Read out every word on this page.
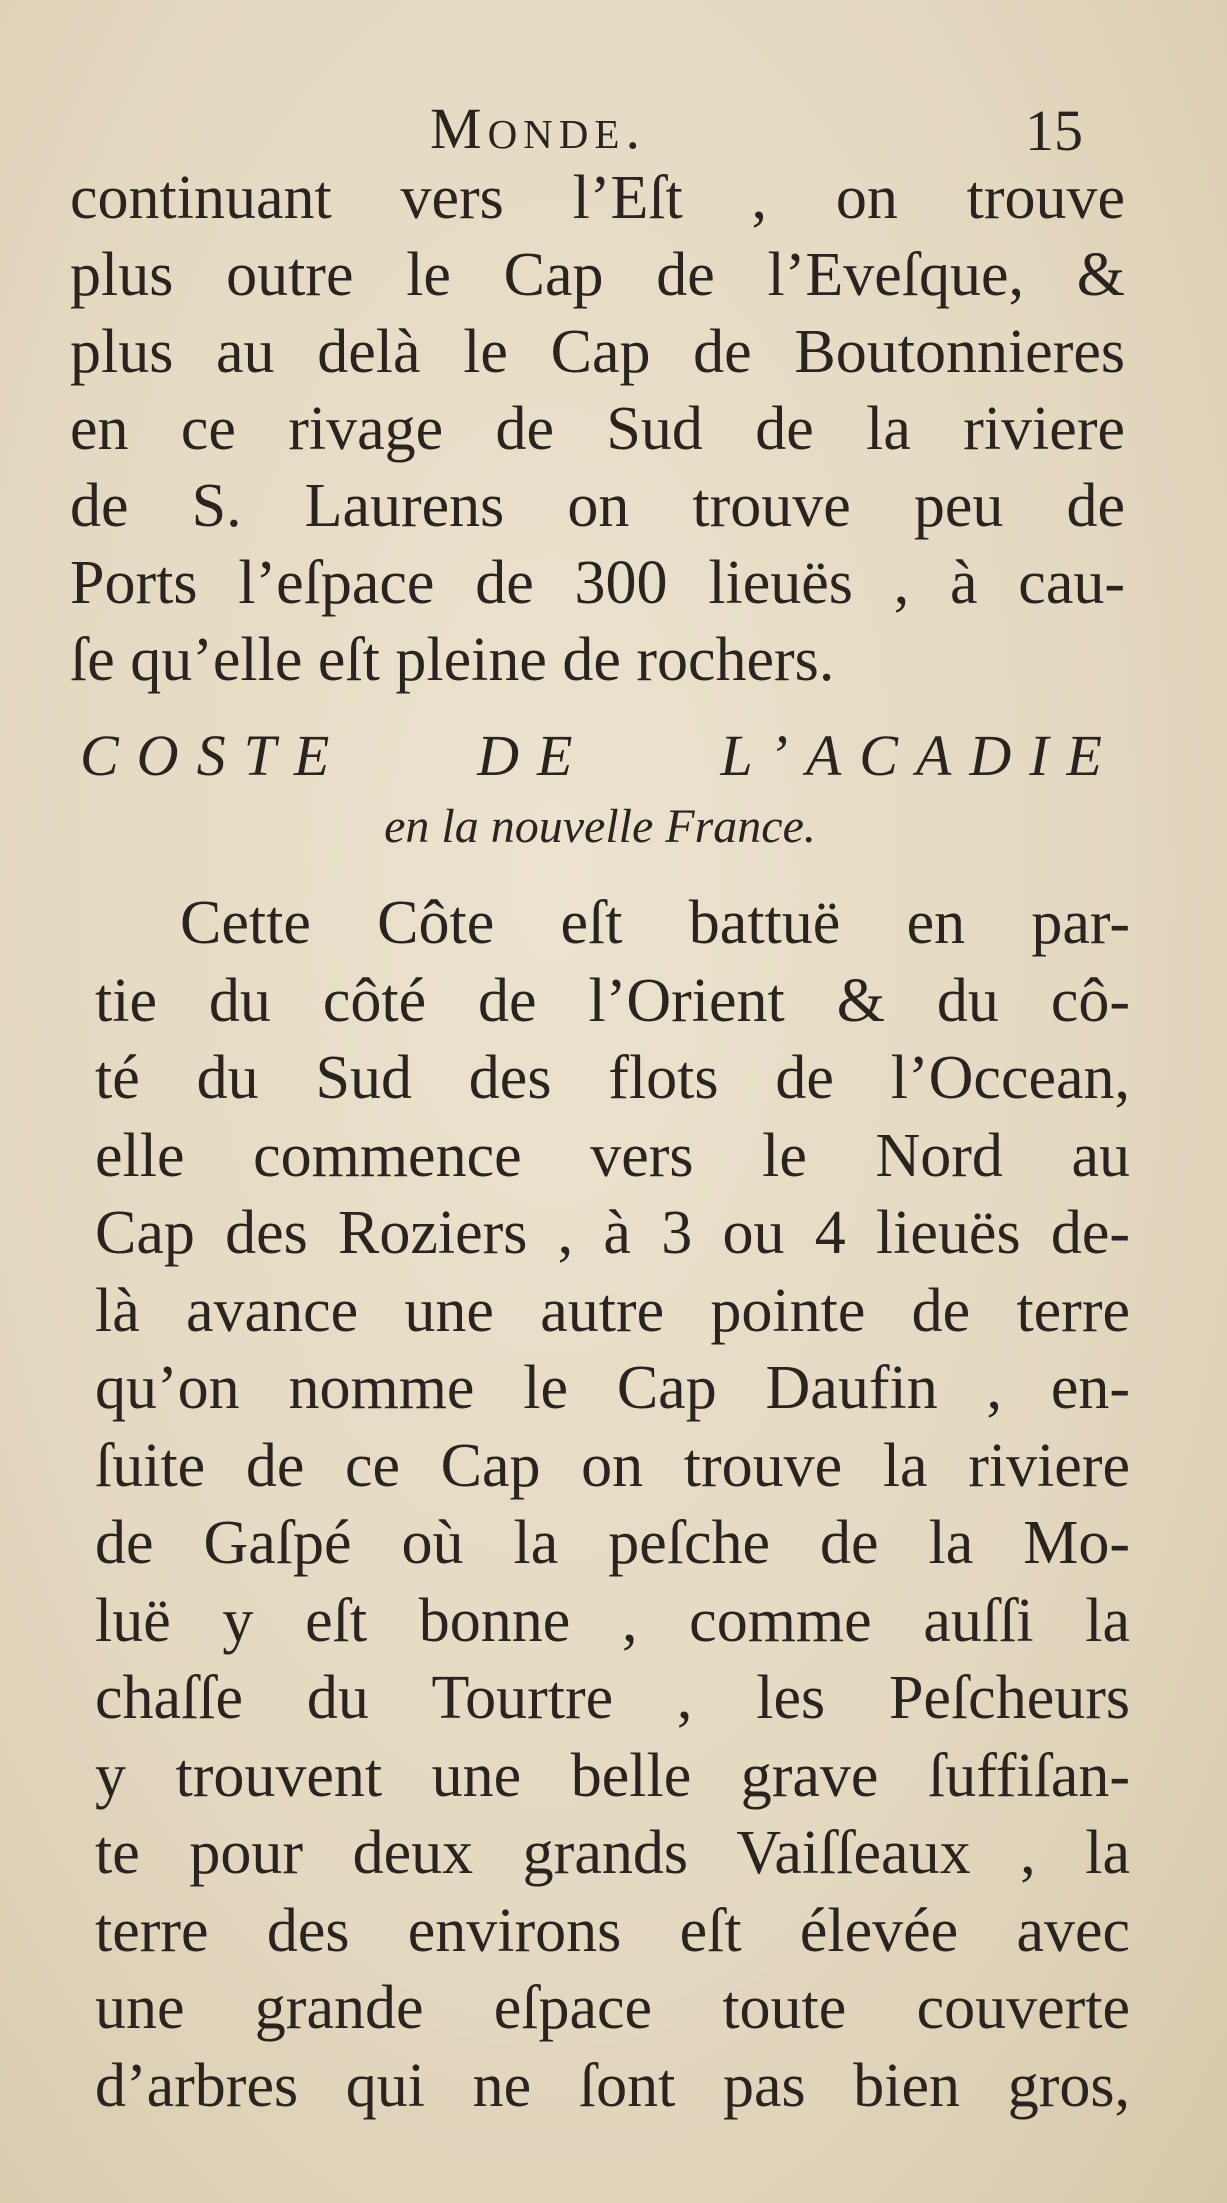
Monde.	15
continuant vers l’Eſt , on trouve
plus outre le Cap de l’Eveſque, &
plus au delà le Cap de Boutonnieres
en ce rivage de Sud de la riviere
de S. Laurens on trouve peu de
Ports l’eſpace de 300 lieuës , à cau-
ſe qu’elle eſt pleine de rochers.
COSTE DE L’ACADIE
en la nouvelle France.
Cette Côte eſt battuë en par-
tie du côté de l’Orient & du cô-
té du Sud des flots de l’Occean,
elle commence vers le Nord au
Cap des Roziers , à 3 ou 4 lieuës de-
là avance une autre pointe de terre
qu’on nomme le Cap Daufin , en-
ſuite de ce Cap on trouve la riviere
de Gaſpé où la peſche de la Mo-
luë y eſt bonne , comme auſſi la
chaſſe du Tourtre , les Peſcheurs
y trouvent une belle grave ſuffiſan-
te pour deux grands Vaiſſeaux , la
terre des environs eſt élevée avec
une grande eſpace toute couverte
d’arbres qui ne ſont pas bien gros,
